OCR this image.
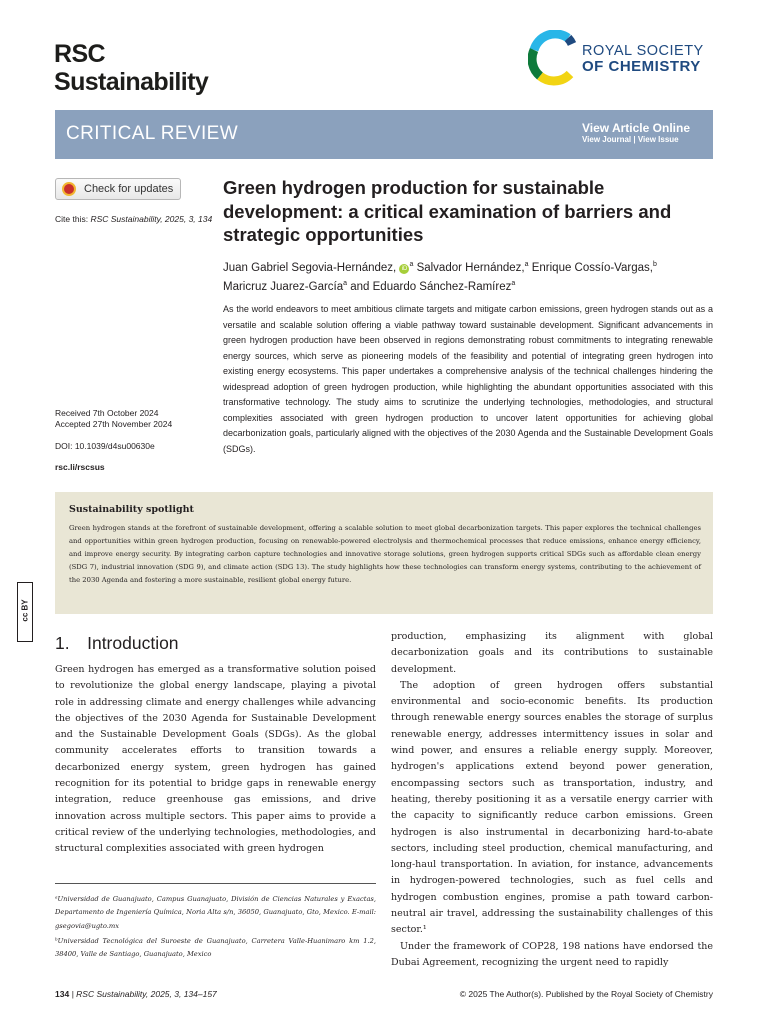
RSC
Sustainability
ROYAL SOCIETY
OF CHEMISTRY
CRITICAL REVIEW	View Article Online
View Journal | View Issue
Check for updates
Cite this: RSC Sustainability, 2025, 3, 134
Received 7th October 2024
Accepted 27th November 2024
DOI: 10.1039/d4su00630e
rsc.li/rscsus
Green hydrogen production for sustainable development: a critical examination of barriers and strategic opportunities
Juan Gabriel Segovia-Hernández, $iD^a$ Salvador Hernández,$^a$ Enrique Cossío-Vargas,$^b$
Maricruz Juarez-García$^a$ and Eduardo Sánchez-Ramírez$^a$
As the world endeavors to meet ambitious climate targets and mitigate carbon emissions, green hydrogen stands out as a versatile and scalable solution offering a viable pathway toward sustainable development. Significant advancements in green hydrogen production have been observed in regions demonstrating robust commitments to integrating renewable energy sources, which serve as pioneering models of the feasibility and potential of integrating green hydrogen into existing energy ecosystems. This paper undertakes a comprehensive analysis of the technical challenges hindering the widespread adoption of green hydrogen production, while highlighting the abundant opportunities associated with this transformative technology. The study aims to scrutinize the underlying technologies, methodologies, and structural complexities associated with green hydrogen production to uncover latent opportunities for achieving global decarbonization goals, particularly aligned with the objectives of the 2030 Agenda and the Sustainable Development Goals (SDGs).
Sustainability spotlight
Green hydrogen stands at the forefront of sustainable development, offering a scalable solution to meet global decarbonization targets. This paper explores the technical challenges and opportunities within green hydrogen production, focusing on renewable-powered electrolysis and thermochemical processes that reduce emissions, enhance energy efficiency, and improve energy security. By integrating carbon capture technologies and innovative storage solutions, green hydrogen supports critical SDGs such as affordable clean energy (SDG 7), industrial innovation (SDG 9), and climate action (SDG 13). The study highlights how these technologies can transform energy systems, contributing to the achievement of the 2030 Agenda and fostering a more sustainable, resilient global energy future.
cc BY
1. Introduction

Green hydrogen has emerged as a transformative solution poised to revolutionize the global energy landscape, playing a pivotal role in addressing climate and energy challenges while advancing the objectives of the 2030 Agenda for Sustainable Development and the Sustainable Development Goals (SDGs). As the global community accelerates efforts to transition towards a decarbonized energy system, green hydrogen has gained recognition for its potential to bridge gaps in renewable energy integration, reduce greenhouse gas emissions, and drive innovation across multiple sectors. This paper aims to provide a critical review of the underlying technologies, methodologies, and structural complexities associated with green hydrogen

production, emphasizing its alignment with global decarbonization goals and its contributions to sustainable development.

The adoption of green hydrogen offers substantial environmental and socio-economic benefits. Its production through renewable energy sources enables the storage of surplus renewable energy, addresses intermittency issues in solar and wind power, and ensures a reliable energy supply. Moreover, hydrogen's applications extend beyond power generation, encompassing sectors such as transportation, industry, and heating, thereby positioning it as a versatile energy carrier with the capacity to significantly reduce carbon emissions. Green hydrogen is also instrumental in decarbonizing hard-to-abate sectors, including steel production, chemical manufacturing, and long-haul transportation. In aviation, for instance, advancements in hydrogen-powered technologies, such as fuel cells and hydrogen combustion engines, promise a path toward carbon-neutral air travel, addressing the sustainability challenges of this sector.¹

Under the framework of COP28, 198 nations have endorsed the Dubai Agreement, recognizing the urgent need to rapidly

ᵃUniversidad de Guanajuato, Campus Guanajuato, División de Ciencias Naturales y Exactas, Departamento de Ingeniería Química, Noria Alta s/n, 36050, Guanajuato, Gto, Mexico. E-mail: gsegovia@ugto.mx

ᵇUniversidad Tecnológica del Suroeste de Guanajuato, Carretera Valle-Huanimaro km 1.2, 38400, Valle de Santiago, Guanajuato, Mexico

134 | RSC Sustainability, 2025, 3, 134–157	© 2025 The Author(s). Published by the Royal Society of Chemistry
